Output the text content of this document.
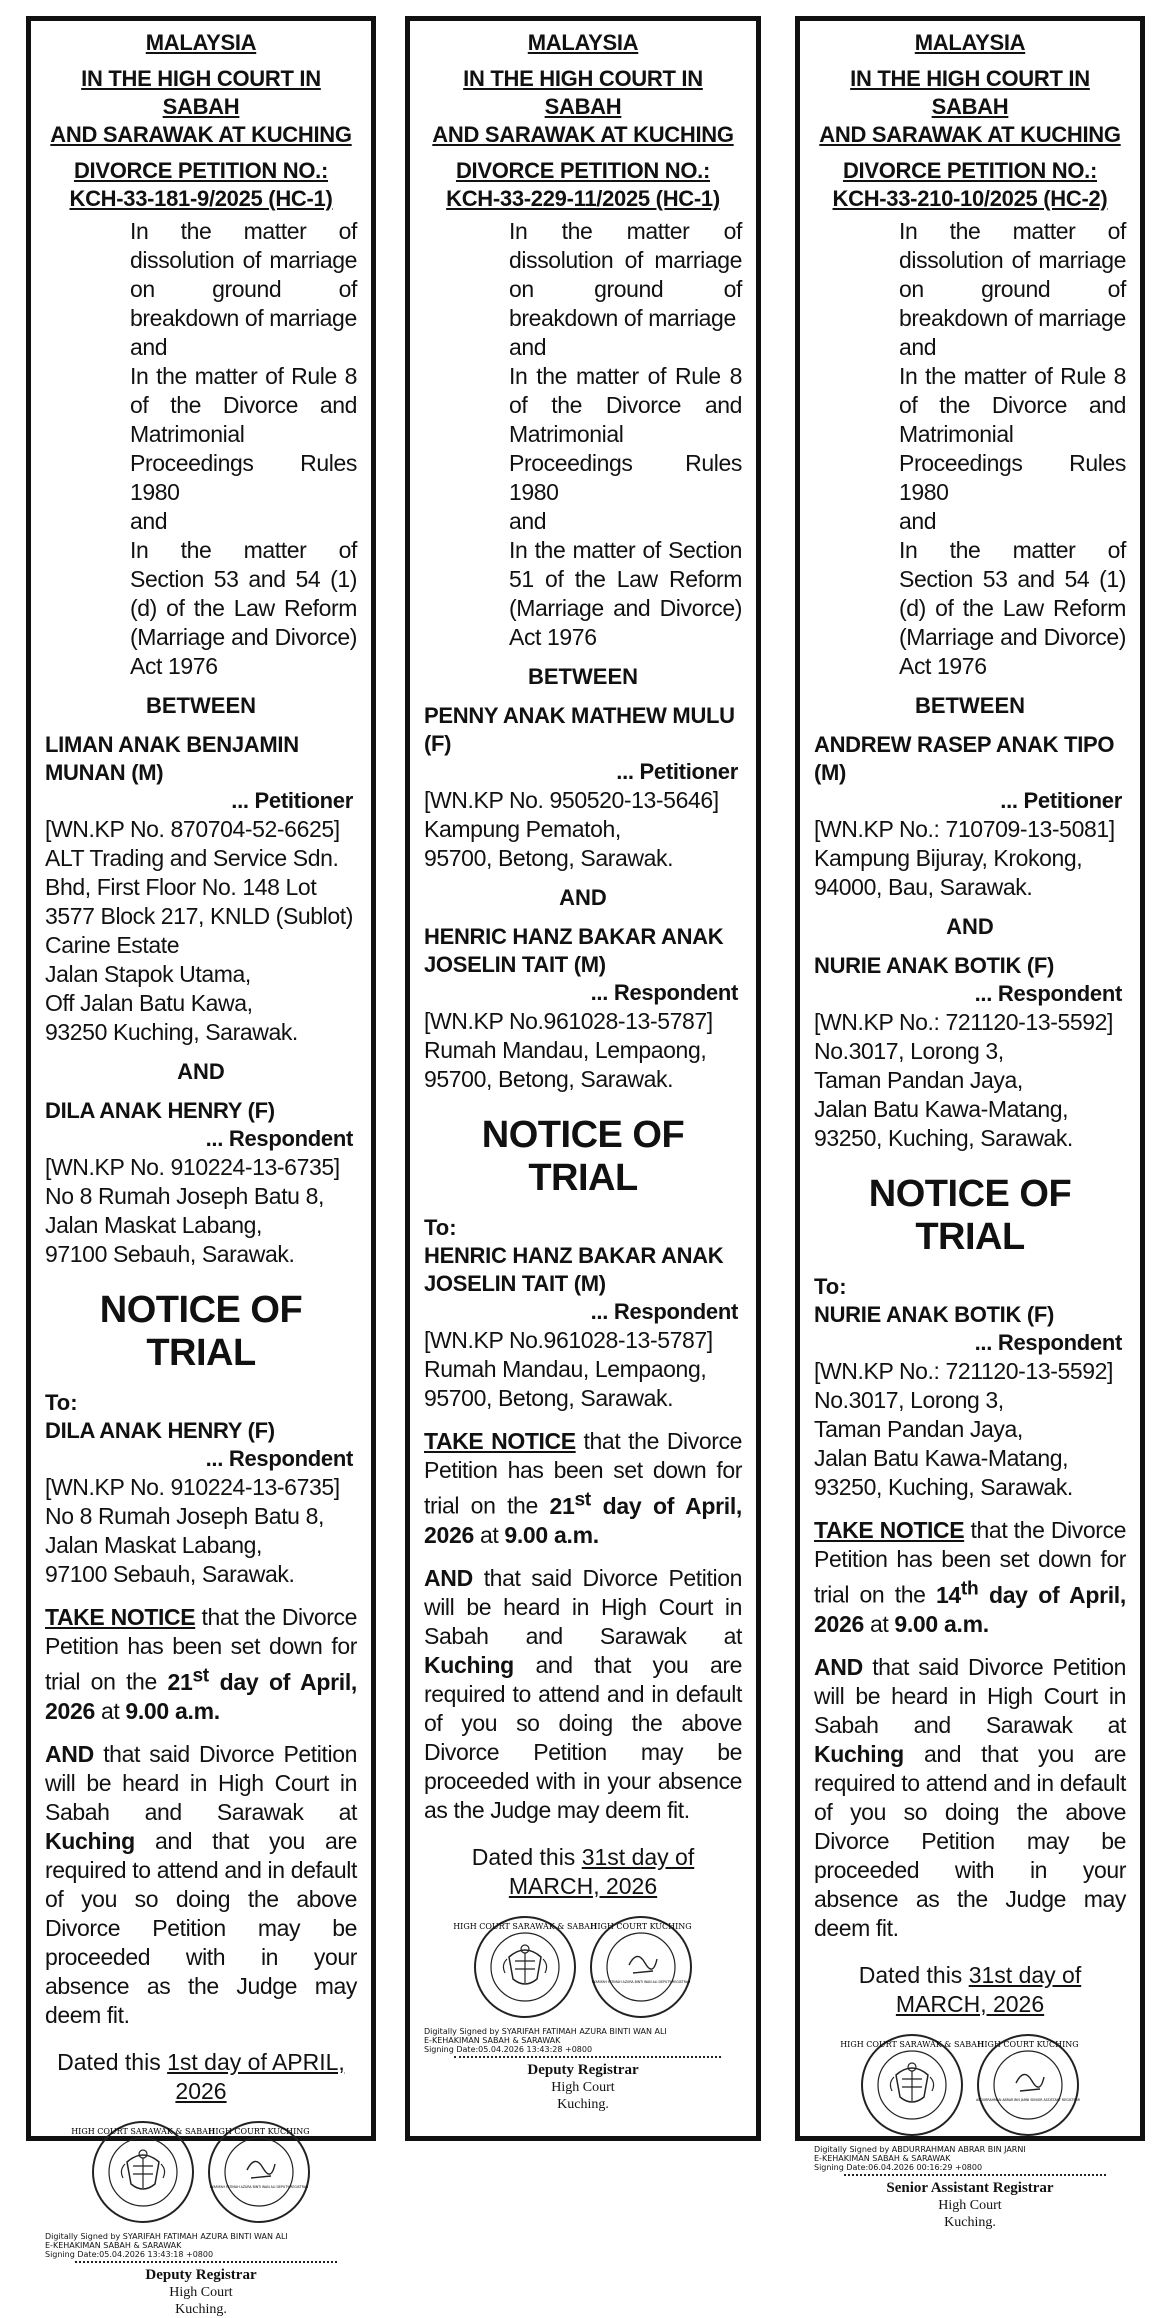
MALAYSIA
IN THE HIGH COURT IN SABAH
AND SARAWAK AT KUCHING
DIVORCE PETITION NO.:
KCH-33-181-9/2025 (HC-1)

In the matter of dissolution of marriage on ground of breakdown of marriage

and

In the matter of Rule 8 of the Divorce and Matrimonial Proceedings Rules 1980

and

In the matter of Section 53 and 54 (1) (d) of the Law Reform (Marriage and Divorce) Act 1976

BETWEEN
LIMAN ANAK BENJAMIN MUNAN (M)
... Petitioner
[WN.KP No. 870704-52-6625]
ALT Trading and Service Sdn. Bhd, First Floor No. 148 Lot 3577 Block 217, KNLD (Sublot) Carine Estate
Jalan Stapok Utama,
Off Jalan Batu Kawa,
93250 Kuching, Sarawak.
AND
DILA ANAK HENRY (F)
... Respondent
[WN.KP No. 910224-13-6735]
No 8 Rumah Joseph Batu 8,
Jalan Maskat Labang,
97100 Sebauh, Sarawak.
NOTICE OF TRIAL
To:
DILA ANAK HENRY (F)
... Respondent
[WN.KP No. 910224-13-6735]
No 8 Rumah Joseph Batu 8,
Jalan Maskat Labang,
97100 Sebauh, Sarawak.
TAKE NOTICE that the Divorce Petition has been set down for trial on the 21st day of April, 2026 at 9.00 a.m.
AND that said Divorce Petition will be heard in High Court in Sabah and Sarawak at Kuching and that you are required to attend and in default of you so doing the above Divorce Petition may be proceeded with in your absence as the Judge may deem fit.
Dated this 1st day of APRIL, 2026
HIGH COURT SARAWAK & SABAH
HIGH COURT KUCHING
SYARIFAH FATIMAH AZURA BINTI WAN ALI DEPUTY REGISTRAR
Digitally Signed by SYARIFAH FATIMAH AZURA BINTI WAN ALI
E-KEHAKIMAN SABAH & SARAWAK
Signing Date:05.04.2026 13:43:18 +0800
Deputy Registrar
High Court
Kuching.
MALAYSIA
IN THE HIGH COURT IN SABAH
AND SARAWAK AT KUCHING
DIVORCE PETITION NO.:
KCH-33-229-11/2025 (HC-1)

In the matter of dissolution of marriage on ground of breakdown of marriage

and

In the matter of Rule 8 of the Divorce and Matrimonial Proceedings Rules 1980

and

In the matter of Section 51 of the Law Reform (Marriage and Divorce) Act 1976

BETWEEN
PENNY ANAK MATHEW MULU (F)
... Petitioner
[WN.KP No. 950520-13-5646]
Kampung Pematoh,
95700, Betong, Sarawak.
AND
HENRIC HANZ BAKAR ANAK JOSELIN TAIT (M)
... Respondent
[WN.KP No.961028-13-5787]
Rumah Mandau, Lempaong,
95700, Betong, Sarawak.
NOTICE OF TRIAL
To:
HENRIC HANZ BAKAR ANAK JOSELIN TAIT (M)
... Respondent
[WN.KP No.961028-13-5787]
Rumah Mandau, Lempaong,
95700, Betong, Sarawak.
TAKE NOTICE that the Divorce Petition has been set down for trial on the 21st day of April, 2026 at 9.00 a.m.
AND that said Divorce Petition will be heard in High Court in Sabah and Sarawak at Kuching and that you are required to attend and in default of you so doing the above Divorce Petition may be proceeded with in your absence as the Judge may deem fit.
Dated this 31st day of MARCH, 2026
HIGH COURT SARAWAK & SABAH
HIGH COURT KUCHING
SYARIFAH FATIMAH AZURA BINTI WAN ALI DEPUTY REGISTRAR
Digitally Signed by SYARIFAH FATIMAH AZURA BINTI WAN ALI
E-KEHAKIMAN SABAH & SARAWAK
Signing Date:05.04.2026 13:43:28 +0800
Deputy Registrar
High Court
Kuching.
MALAYSIA
IN THE HIGH COURT IN SABAH
AND SARAWAK AT KUCHING
DIVORCE PETITION NO.:
KCH-33-210-10/2025 (HC-2)

In the matter of dissolution of marriage on ground of breakdown of marriage

and

In the matter of Rule 8 of the Divorce and Matrimonial Proceedings Rules 1980

and

In the matter of Section 53 and 54 (1) (d) of the Law Reform (Marriage and Divorce) Act 1976

BETWEEN
ANDREW RASEP ANAK TIPO (M)
... Petitioner
[WN.KP No.: 710709-13-5081]
Kampung Bijuray, Krokong,
94000, Bau, Sarawak.
AND
NURIE ANAK BOTIK (F)
... Respondent
[WN.KP No.: 721120-13-5592]
No.3017, Lorong 3,
Taman Pandan Jaya,
Jalan Batu Kawa-Matang,
93250, Kuching, Sarawak.
NOTICE OF TRIAL
To:
NURIE ANAK BOTIK (F)
... Respondent
[WN.KP No.: 721120-13-5592]
No.3017, Lorong 3,
Taman Pandan Jaya,
Jalan Batu Kawa-Matang,
93250, Kuching, Sarawak.
TAKE NOTICE that the Divorce Petition has been set down for trial on the 14th day of April, 2026 at 9.00 a.m.
AND that said Divorce Petition will be heard in High Court in Sabah and Sarawak at Kuching and that you are required to attend and in default of you so doing the above Divorce Petition may be proceeded with in your absence as the Judge may deem fit.
Dated this 31st day of MARCH, 2026
HIGH COURT SARAWAK & SABAH
HIGH COURT KUCHING
ABDURRAHMAN ABRAR BIN JARNI SENIOR ASSISTANT REGISTRAR
Digitally Signed by ABDURRAHMAN ABRAR BIN JARNI
E-KEHAKIMAN SABAH & SARAWAK
Signing Date:06.04.2026 00:16:29 +0800
Senior Assistant Registrar
High Court
Kuching.
